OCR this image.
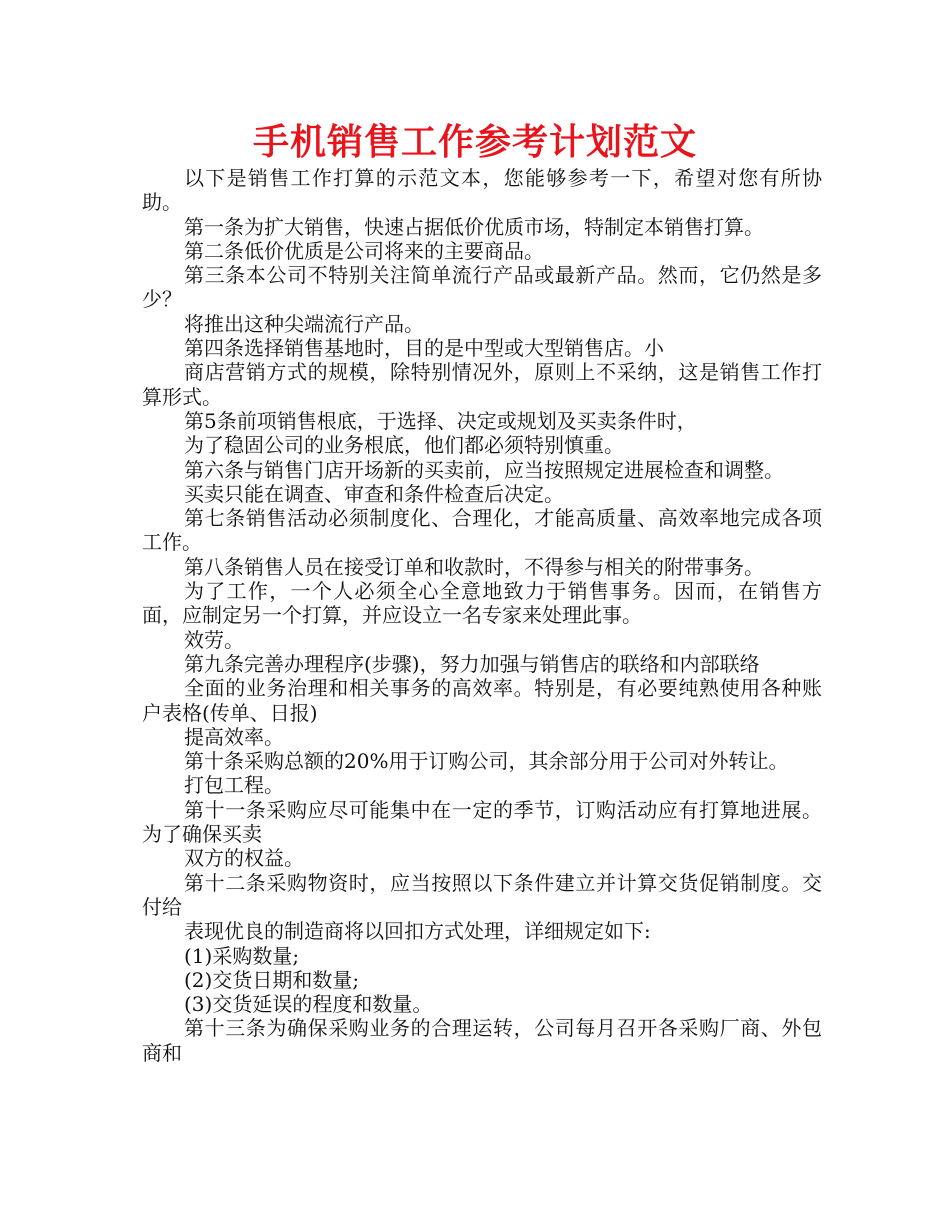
手机销售工作参考计划范文

以下是销售工作打算的示范文本，您能够参考一下，希望对您有所协助。

第一条为扩大销售，快速占据低价优质市场，特制定本销售打算。

第二条低价优质是公司将来的主要商品。

第三条本公司不特别关注简单流行产品或最新产品。然而，它仍然是多少？

将推出这种尖端流行产品。

第四条选择销售基地时，目的是中型或大型销售店。小

商店营销方式的规模，除特别情况外，原则上不采纳，这是销售工作打算形式。

第5条前项销售根底，于选择、决定或规划及买卖条件时，

为了稳固公司的业务根底，他们都必须特别慎重。

第六条与销售门店开场新的买卖前，应当按照规定进展检查和调整。

买卖只能在调查、审查和条件检查后决定。

第七条销售活动必须制度化、合理化，才能高质量、高效率地完成各项工作。

第八条销售人员在接受订单和收款时，不得参与相关的附带事务。

为了工作，一个人必须全心全意地致力于销售事务。因而，在销售方面，应制定另一个打算，并应设立一名专家来处理此事。

效劳。

第九条完善办理程序(步骤)，努力加强与销售店的联络和内部联络

全面的业务治理和相关事务的高效率。特别是，有必要纯熟使用各种账户表格(传单、日报)

提高效率。

第十条采购总额的20%用于订购公司，其余部分用于公司对外转让。

打包工程。

第十一条采购应尽可能集中在一定的季节，订购活动应有打算地进展。为了确保买卖

双方的权益。

第十二条采购物资时，应当按照以下条件建立并计算交货促销制度。交付给

表现优良的制造商将以回扣方式处理，详细规定如下:

(1)采购数量;

(2)交货日期和数量;

(3)交货延误的程度和数量。

第十三条为确保采购业务的合理运转，公司每月召开各采购厂商、外包商和
